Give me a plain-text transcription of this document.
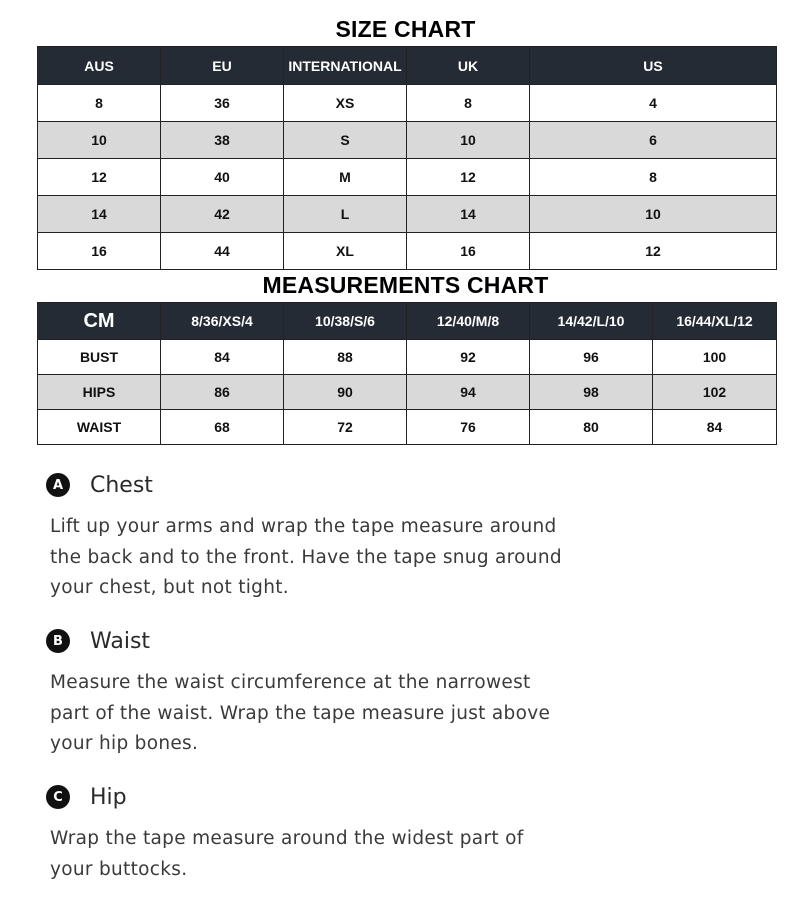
SIZE CHART
AUS	EU	INTERNATIONAL	UK	US
8	36	XS	8	4
10	38	S	10	6
12	40	M	12	8
14	42	L	14	10
16	44	XL	16	12
MEASUREMENTS CHART
CM	8/36/XS/4	10/38/S/6	12/40/M/8	14/42/L/10	16/44/XL/12
BUST	84	88	92	96	100
HIPS	86	90	94	98	102
WAIST	68	72	76	80	84
A	Chest
Lift up your arms and wrap the tape measure around
the back and to the front. Have the tape snug around
your chest, but not tight.
B	Waist
Measure the waist circumference at the narrowest
part of the waist. Wrap the tape measure just above
your hip bones.
C	Hip
Wrap the tape measure around the widest part of
your buttocks.
